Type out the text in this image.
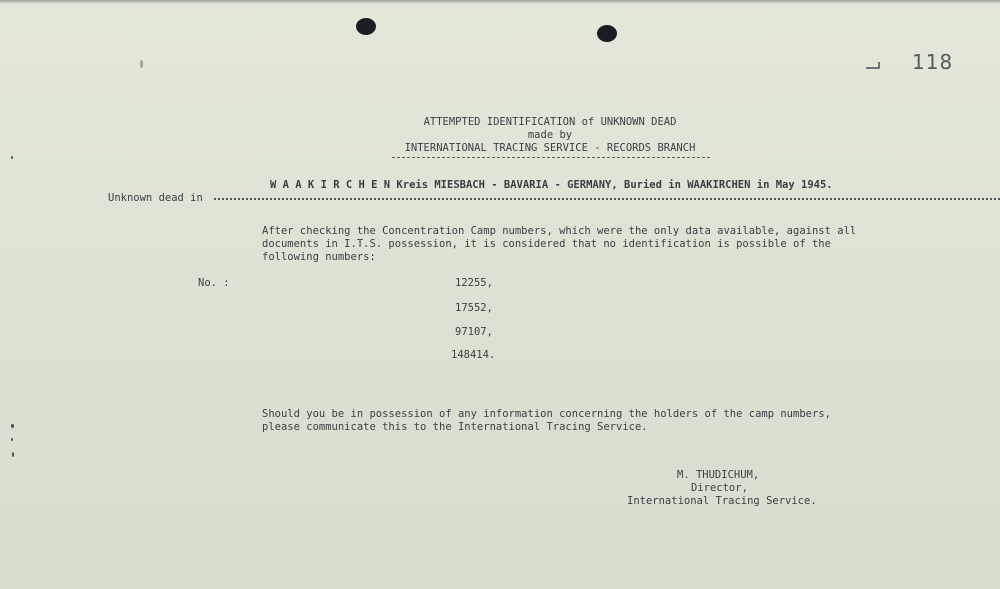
118
ATTEMPTED IDENTIFICATION of UNKNOWN DEAD
made by
INTERNATIONAL TRACING SERVICE - RECORDS BRANCH
Unknown dead in
W A A K I R C H E N Kreis MIESBACH - BAVARIA - GERMANY, Buried in WAAKIRCHEN in May 1945.
After checking the Concentration Camp numbers, which were the only data available, against all
documents in I.T.S. possession, it is considered that no identification is possible of the
following numbers:
No. :	12255,
17552,
97107,
148414.
Should you be in possession of any information concerning the holders of the camp numbers,
please communicate this to the International Tracing Service.
M. THUDICHUM,
Director,
International Tracing Service.
